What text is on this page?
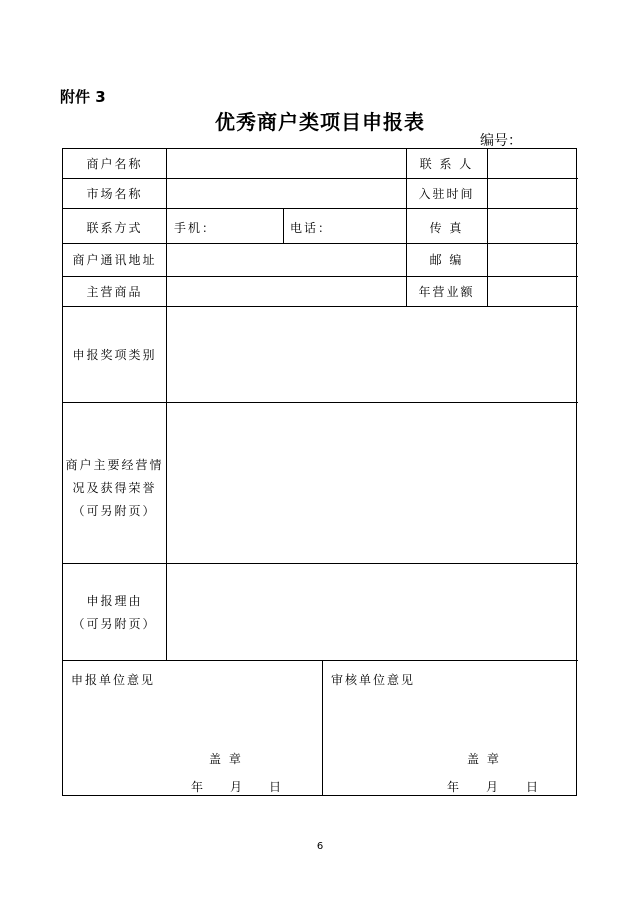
附件 3
优秀商户类项目申报表
编号：
商户名称	联 系 人
市场名称	入驻时间
联系方式	手机：	电话：	传 真
商户通讯地址	邮 编
主营商品	年营业额
申报奖项类别
商户主要经营情
况及获得荣誉
（可另附页）
申报理由
（可另附页）
申报单位意见	审核单位意见
盖 章	盖 章
年 月 日	年 月 日
6
